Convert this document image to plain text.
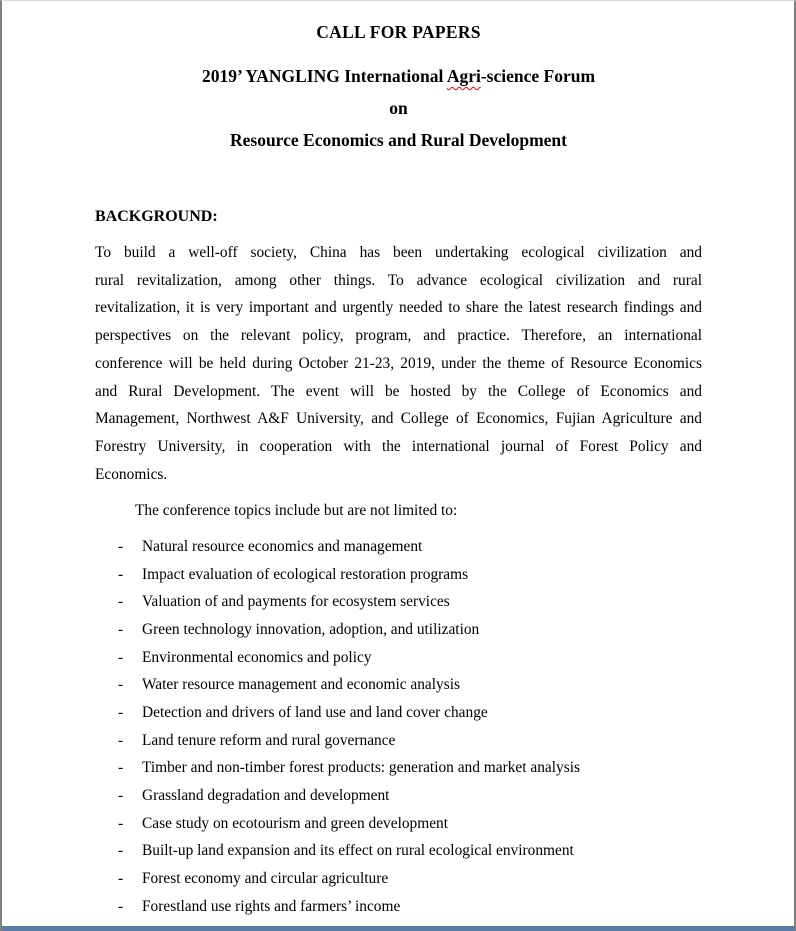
CALL FOR PAPERS
2019’ YANGLING International Agri-science Forum
on
Resource Economics and Rural Development
BACKGROUND:
To build a well-off society, China has been undertaking ecological civilization and
rural revitalization, among other things. To advance ecological civilization and rural
revitalization, it is very important and urgently needed to share the latest research findings and
perspectives on the relevant policy, program, and practice. Therefore, an international
conference will be held during October 21-23, 2019, under the theme of Resource Economics
and Rural Development. The event will be hosted by the College of Economics and
Management, Northwest A&F University, and College of Economics, Fujian Agriculture and
Forestry University, in cooperation with the international journal of Forest Policy and
Economics.
The conference topics include but are not limited to:
-	Natural resource economics and management
-	Impact evaluation of ecological restoration programs
-	Valuation of and payments for ecosystem services
-	Green technology innovation, adoption, and utilization
-	Environmental economics and policy
-	Water resource management and economic analysis
-	Detection and drivers of land use and land cover change
-	Land tenure reform and rural governance
-	Timber and non-timber forest products: generation and market analysis
-	Grassland degradation and development
-	Case study on ecotourism and green development
-	Built-up land expansion and its effect on rural ecological environment
-	Forest economy and circular agriculture
-	Forestland use rights and farmers’ income
